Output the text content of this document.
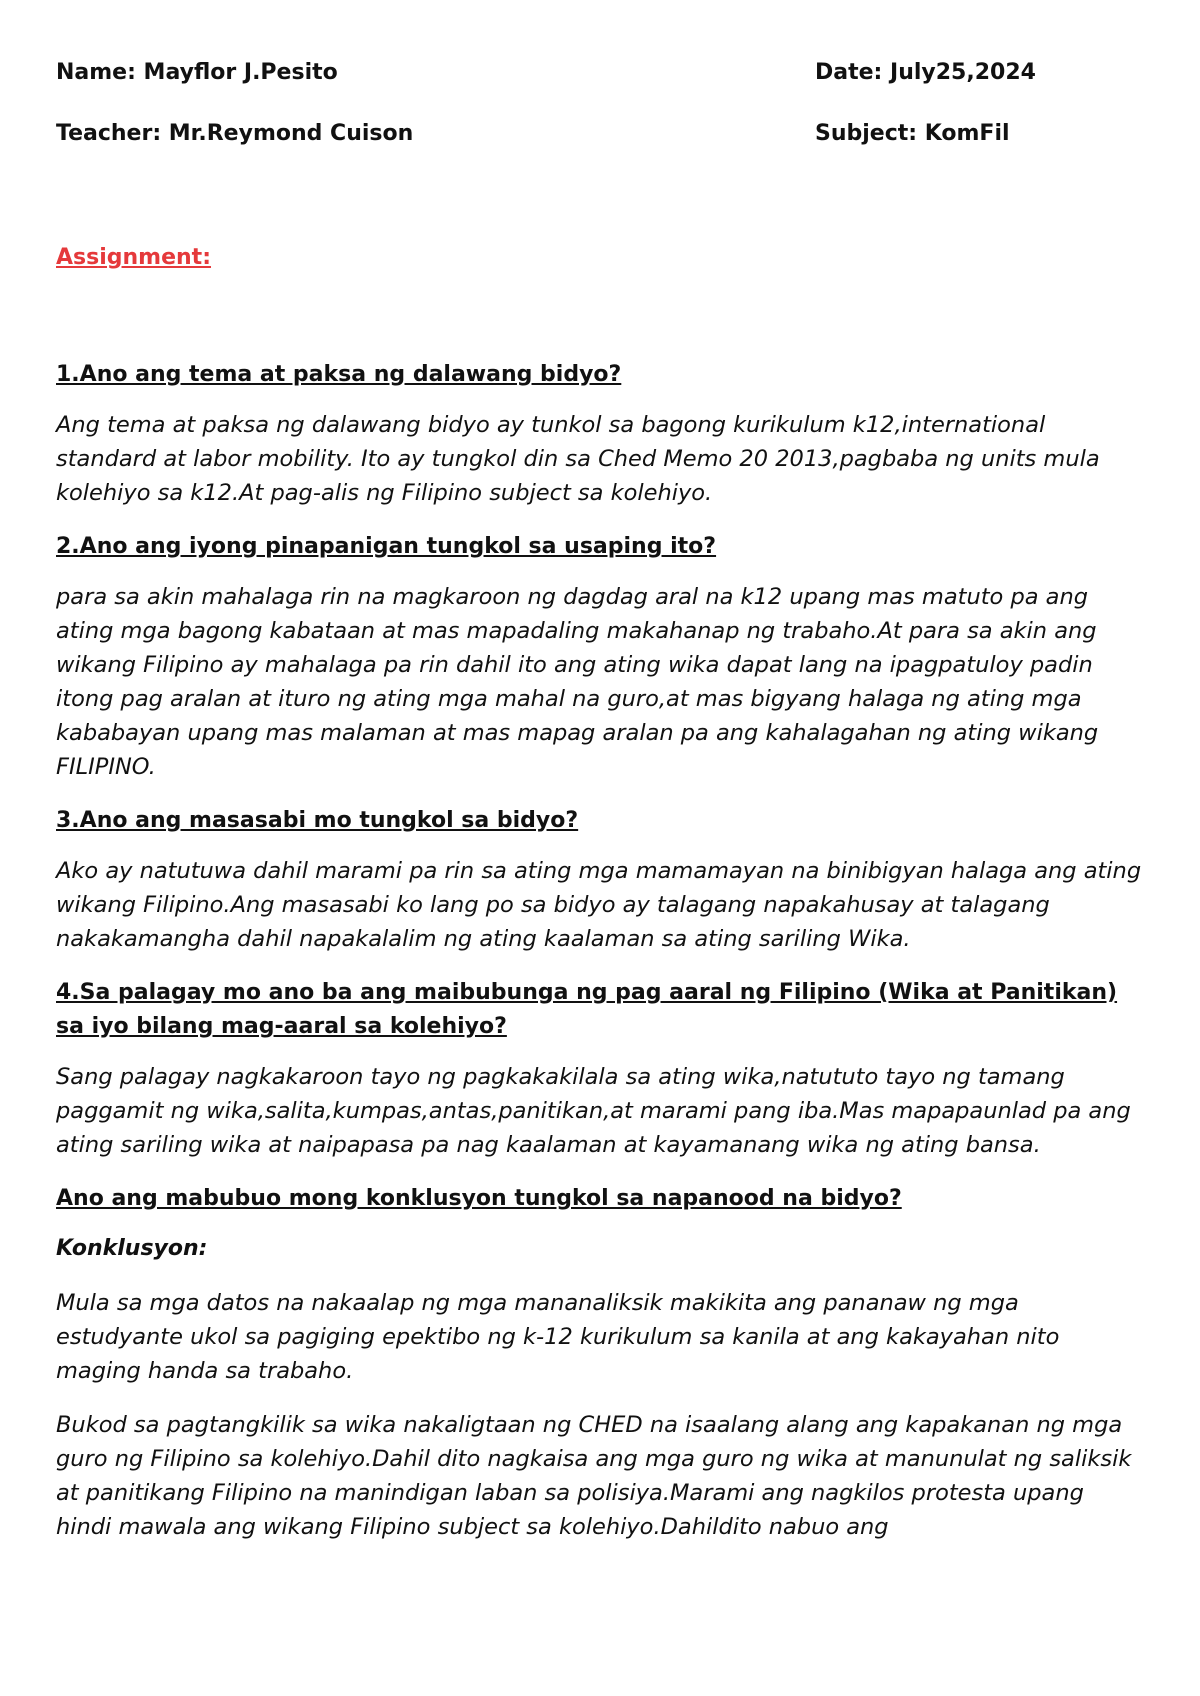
Name: Mayflor J.Pesito	Date: July25,2024
Teacher: Mr.Reymond Cuison	Subject: KomFil
Assignment:

1.Ano ang tema at paksa ng dalawang bidyo?

Ang tema at paksa ng dalawang bidyo ay tunkol sa bagong kurikulum k12,international standard at labor mobility. Ito ay tungkol din sa Ched Memo 20 2013,pagbaba ng units mula kolehiyo sa k12.At pag-alis ng Filipino subject sa kolehiyo.

2.Ano ang iyong pinapanigan tungkol sa usaping ito?

para sa akin mahalaga rin na magkaroon ng dagdag aral na k12 upang mas matuto pa ang ating mga bagong kabataan at mas mapadaling makahanap ng trabaho.At para sa akin ang wikang Filipino ay mahalaga pa rin dahil ito ang ating wika dapat lang na ipagpatuloy padin itong pag aralan at ituro ng ating mga mahal na guro,at mas bigyang halaga ng ating mga kababayan upang mas malaman at mas mapag aralan pa ang kahalagahan ng ating wikang FILIPINO.

3.Ano ang masasabi mo tungkol sa bidyo?

Ako ay natutuwa dahil marami pa rin sa ating mga mamamayan na binibigyan halaga ang ating wikang Filipino.Ang masasabi ko lang po sa bidyo ay talagang napakahusay at talagang nakakamangha dahil napakalalim ng ating kaalaman sa ating sariling Wika.

4.Sa palagay mo ano ba ang maibubunga ng pag aaral ng Filipino (Wika at Panitikan) sa iyo bilang mag-aaral sa kolehiyo?

Sang palagay nagkakaroon tayo ng pagkakakilala sa ating wika,natututo tayo ng tamang paggamit ng wika,salita,kumpas,antas,panitikan,at marami pang iba.Mas mapapaunlad pa ang ating sariling wika at naipapasa pa nag kaalaman at kayamanang wika ng ating bansa.

Ano ang mabubuo mong konklusyon tungkol sa napanood na bidyo?

Konklusyon:

Mula sa mga datos na nakaalap ng mga mananaliksik makikita ang pananaw ng mga estudyante ukol sa pagiging epektibo ng k-12 kurikulum sa kanila at ang kakayahan nito maging handa sa trabaho.

Bukod sa pagtangkilik sa wika nakaligtaan ng CHED na isaalang alang ang kapakanan ng mga guro ng Filipino sa kolehiyo.Dahil dito nagkaisa ang mga guro ng wika at manunulat ng saliksik at panitikang Filipino na manindigan laban sa polisiya.Marami ang nagkilos protesta upang hindi mawala ang wikang Filipino subject sa kolehiyo.Dahildito nabuo ang
